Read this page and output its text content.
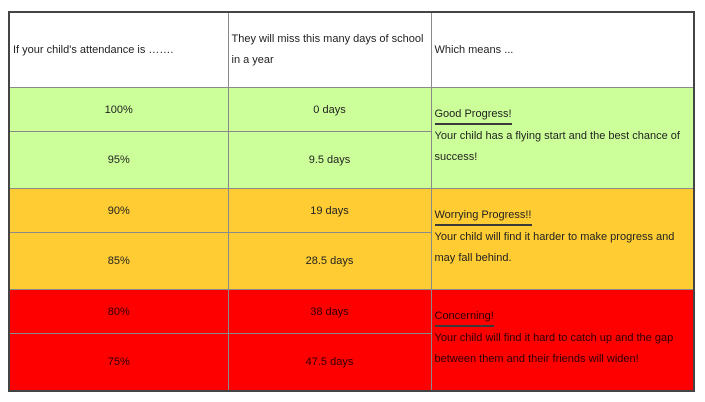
If your child's attendance is …….	They will miss this many days of school in a year	Which means ...

100%	0 days	Good Progress!
Your child has a flying start and the best chance of success!

95%	9.5 days	
90%	19 days	Worrying Progress!!
Your child will find it harder to make progress and may fall behind.

85%	28.5 days	
80%	38 days	Concerning!
Your child will find it hard to catch up and the gap between them and their friends will widen!

75%	47.5 days	
